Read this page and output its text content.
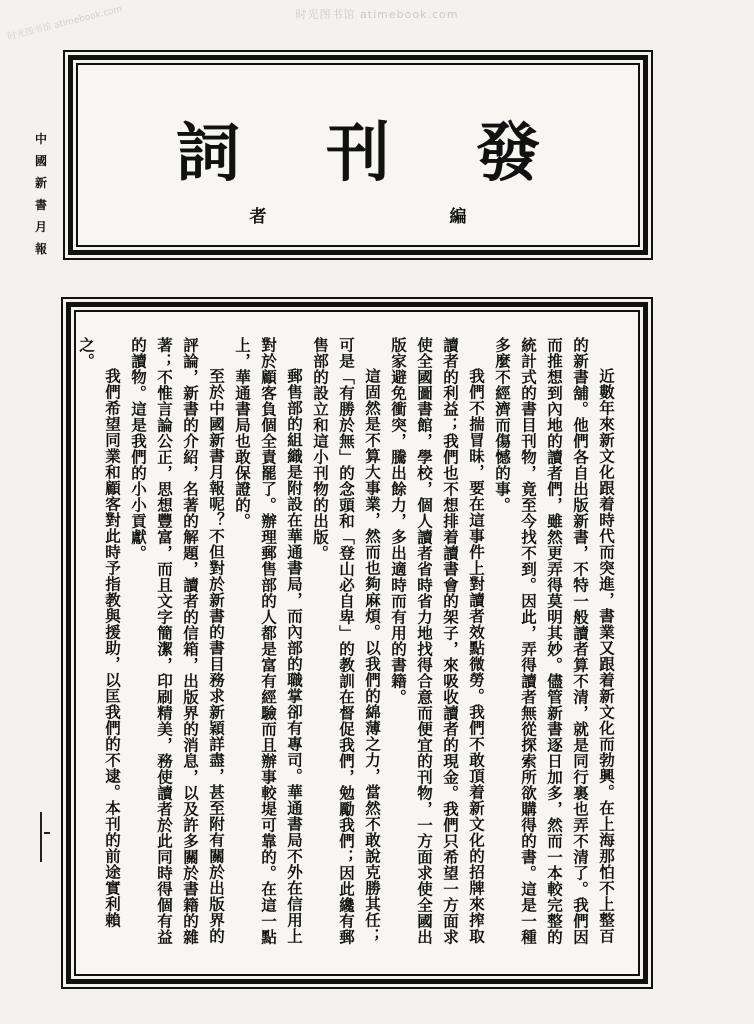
时光图书馆 atimebook.com
时光图书馆 atimebook.com
中
國
新
書
月
報
詞	刊	發
者	編

近數年來新文化跟着時代而突進，書業又跟着新文化而勃興。在上海那怕不上整百的新書舖。他們各自出版新書，不特一般讀者算不清，就是同行裏也弄不清了。我們因而推想到內地的讀者們，雖然更弄得莫明其妙。儘管新書逐日加多，然而一本較完整的統計式的書目刊物，竟至今找不到。因此，弄得讀者無從探索所欲購得的書。這是一種多麼不經濟而傷憾的事。

我們不揣冒昧，要在這事件上對讀者效點微勞。我們不敢頂着新文化的招牌來搾取讀者的利益；我們也不想排着讀書會的架子，來吸收讀者的現金。我們只希望一方面求使全國圖書館，學校，個人讀者省時省力地找得合意而便宜的刊物，一方面求使全國出版家避免衝突，騰出餘力，多出適時而有用的書籍。

這固然是不算大事業，然而也夠麻煩。以我們的綿薄之力，當然不敢說克勝其任；可是「有勝於無」的念頭和「登山必自卑」的教訓在督促我們，勉勵我們；因此纔有郵售部的設立和這小刊物的出版。

郵售部的組織是附設在華通書局，而內部的職掌卻有專司。華通書局不外在信用上對於顧客負個全責罷了。辦理郵售部的人都是富有經驗而且辦事較堤可靠的。在這一點上，華通書局也敢保證的。

至於中國新書月報呢？不但對於新書的書目務求新穎詳盡，甚至附有關於出版界的評論，新書的介紹，名著的解題，讀者的信箱，出版界的消息，以及許多關於書籍的雜著；不惟言論公正，思想豐富，而且文字簡潔，印刷精美，務使讀者於此同時得個有益的讀物。這是我們的小小貢獻。

我們希望同業和顧客對此時予指教與援助，以匡我們的不逮。本刊的前途實利賴之。
